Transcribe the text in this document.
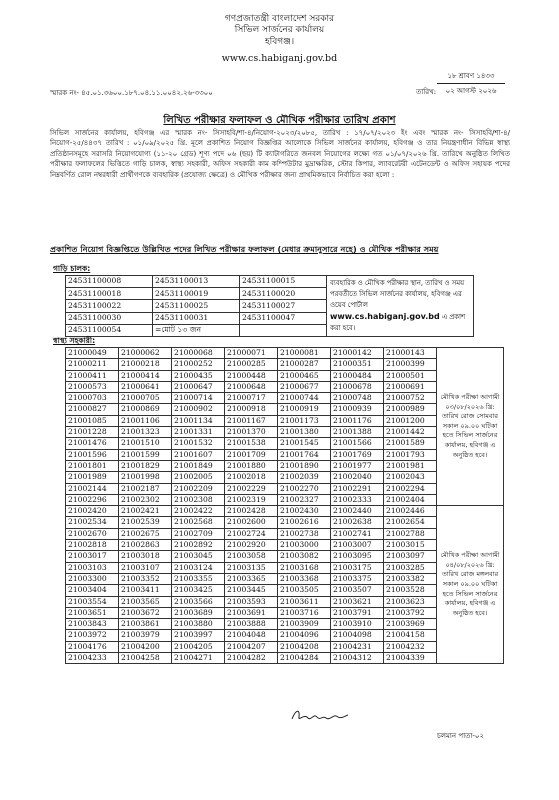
গণপ্রজাতন্ত্রী বাংলাদেশ সরকার
সিভিল সার্জনের কার্যালয়
হবিগঞ্জ।
www.cs.habiganj.gov.bd
১৮ শ্রাবণ ১৪৩৩
০২ আগস্ট ২০২৬
স্মারক নং- ৪৫.০১.৩৬০০.১৮৭.০৪.১১.০০৪২.২৬-৩৩০০	তারিখ:
লিখিত পরীক্ষার ফলাফল ও মৌখিক পরীক্ষার তারিখ প্রকাশ
সিভিল সার্জনের কার্যালয়, হবিগঞ্জ এর স্মারক নং- সিসাহবি/শা-৪/নিয়োগ-২০২৩/২০৮৫, তারিখ : ১৭/০৭/২০২৩ ইং এবং স্মারক নং- সিসাহবি/শা-৪/নিয়োগ-২৫/৪৪৩৭ তারিখ : ০১/০৯/২০২৫ খ্রি. মূলে প্রকাশিত নিয়োগ বিজ্ঞপ্তির আলোকে সিভিল সার্জনের কার্যালয়, হবিগঞ্জ ও তার নিয়ন্ত্রণাধীন বিভিন্ন স্বাস্থ্য প্রতিষ্ঠানসমূহে সরাসরি নিয়োগযোগ্য (১১-২০ গ্রেড) শূণ্য পদে ০৬ (ছয়) টি ক্যাটাগরিতে জনবল নিয়োগের লক্ষ্যে গত ০১/০৭/২০২৬ খ্রি. তারিখে অনুষ্ঠিত লিখিত পরীক্ষার ফলাফলের ভিত্তিতে গাড়ি চালক, স্বাস্থ্য সহকারী, অফিস সহকারী কাম কম্পিউটার মুদ্রাক্ষরিক, স্টোর কিপার, ল্যাবরেটরী এটেনডেন্ট ও অফিস সহায়ক পদের নিম্নবর্ণিত রোল নম্বরধারী প্রার্থীগণকে ব্যবহারিক (প্রযোজ্য ক্ষেত্রে) ও মৌখিক পরীক্ষার জন্য প্রাথমিকভাবে নির্বাচিত করা হলো :
প্রকাশিত নিয়োগ বিজ্ঞপ্তিতে উল্লিখিত পদের লিখিত পরীক্ষার ফলাফল (মেধার ক্রমানুসারে নহে) ও মৌখিক পরীক্ষার সময়
গাড়ি চালক:
24531100008	24531100013	24531100015	ব্যবহারিক ও মৌখিক পরীক্ষার স্থান, তারিখ ও সময় পরবর্তীতে সিভিল সার্জনের কার্যালয়, হবিগঞ্জ এর ওয়েব পোর্টাল www.cs.habiganj.gov.bd এ প্রকাশ করা হবে।
24531100018	24531100019	24531100020	
24531100022	24531100025	24531100027	
24531100030	24531100031	24531100047	
24531100054	=মোট ১৩ জন		
স্বাস্থ্য সহকারী:
21000049	21000062	21000068	21000071	21000081	21000142	21000143	মৌখিক পরীক্ষা আগামী ০৩/০৮/২০২৬ খ্রি: তারিখ রোজ সোমবার সকাল ০৯.০০ ঘটিকা হতে সিভিল সার্জনের কার্যালয়, হবিগঞ্জ এ অনুষ্ঠিত হবে।
21000211	21000218	21000252	21000285	21000287	21000351	21000399	
21000411	21000414	21000435	21000448	21000465	21000484	21000501	
21000573	21000641	21000647	21000648	21000677	21000678	21000691	
21000703	21000705	21000714	21000717	21000744	21000748	21000752	
21000827	21000869	21000902	21000918	21000919	21000939	21000989	
21001085	21001106	21001134	21001167	21001173	21001176	21001200	
21001228	21001323	21001331	21001370	21001380	21001388	21001442	
21001476	21001510	21001532	21001538	21001545	21001566	21001589	
21001596	21001599	21001607	21001709	21001764	21001769	21001793	
21001801	21001829	21001849	21001880	21001890	21001977	21001981	
21001989	21001998	21002005	21002018	21002039	21002040	21002043	
21002144	21002187	21002209	21002229	21002270	21002291	21002294	
21002296	21002302	21002308	21002319	21002327	21002333	21002404	
21002420	21002421	21002422	21002428	21002430	21002440	21002446	মৌখিক পরীক্ষা আগামী ০৪/০৮/২০২৬ খ্রি: তারিখ রোজ মঙ্গলবার সকাল ০৯.০০ ঘটিকা হতে সিভিল সার্জনের কার্যালয়, হবিগঞ্জ এ অনুষ্ঠিত হবে।
21002534	21002539	21002568	21002600	21002616	21002638	21002654	
21002670	21002675	21002709	21002724	21002738	21002741	21002788	
21002818	21002863	21002892	21002920	21003000	21003007	21003015	
21003017	21003018	21003045	21003058	21003082	21003095	21003097	
21003103	21003107	21003124	21003135	21003168	21003175	21003285	
21003300	21003352	21003355	21003365	21003368	21003375	21003382	
21003404	21003411	21003425	21003445	21003505	21003507	21003528	
21003554	21003565	21003566	21003593	21003611	21003621	21003623	
21003651	21003672	21003689	21003691	21003716	21003791	21003792	
21003843	21003861	21003880	21003888	21003909	21003910	21003969	
21003972	21003979	21003997	21004048	21004096	21004098	21004158	
21004176	21004200	21004205	21004207	21004208	21004231	21004232	
21004233	21004258	21004271	21004282	21004284	21004312	21004339	
চলমান পাতা-০২
